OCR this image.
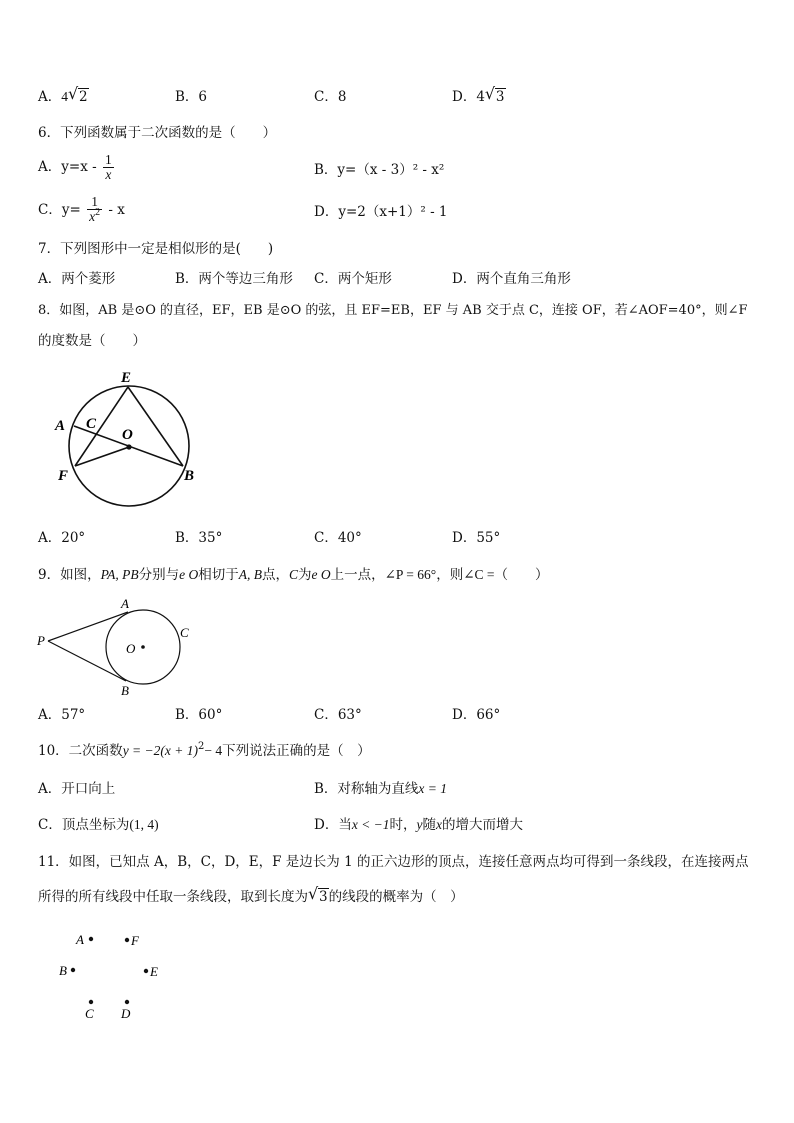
A．4 √ 2	B．6	C．8	D．4 √ 3
6．下列函数属于二次函数的是（　　）
A．$y=x - \frac{1}{x}$	B．y=（x - 3）² - x²
C．$y= \frac{1}{x^2} - x$	D．y=2（x+1）² - 1
7．下列图形中一定是相似形的是(　　)
A．两个菱形	B．两个等边三角形 C．两个矩形	D．两个直角三角形
8．如图，AB 是⊙O 的直径，EF，EB 是⊙O 的弦，且 EF=EB，EF 与 AB 交于点 C，连接 OF，若∠AOF=40°，则∠F
的度数是（　　）
E
A C
O
F	B
A．20°	B．35°	C．40°	D．55°
9．如图，PA, PB分别与e O相切于A, B点，C为e O上一点，∠P = 66°，则∠C =（　　）
P
A
C
O
B
A．57°	B．60°	C．63°	D．66°
10．二次函数$y = -2(x + 1)^2- 4$下列说法正确的是（　）
A．开口向上	B．对称轴为直线x = 1
C．顶点坐标为(1, 4)	D．当x < −1时，y随x的增大而增大
11．如图，已知点 A，B，C，D，E，F 是边长为 1 的正六边形的顶点，连接任意两点均可得到一条线段，在连接两点
所得的所有线段中任取一条线段，取到长度为 √ 3的线段的概率为（　）
A	F
B	E
C D
